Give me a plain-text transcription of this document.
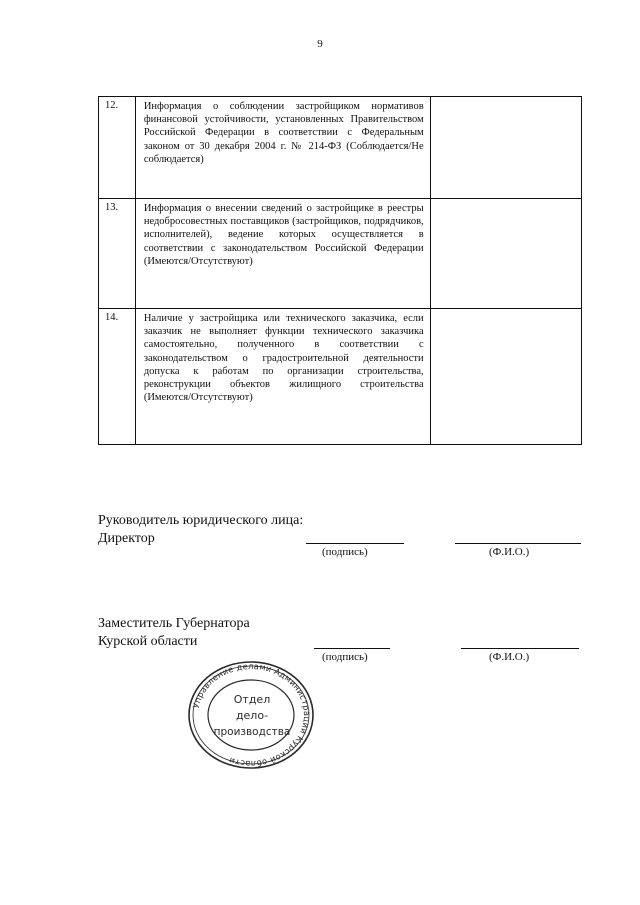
9
12.	Информация о соблюдении застройщиком нормативов финансовой устойчивости, установленных Правительством Российской Федерации в соответствии с Федеральным законом от 30 декабря 2004 г. № 214-ФЗ (Соблюдается/Не соблюдается)	
13.	Информация о внесении сведений о застройщике в реестры недобросовестных поставщиков (застройщиков, подрядчиков, исполнителей), ведение которых осуществляется в соответствии с законодательством Российской Федерации (Имеются/Отсутствуют)	
14.	Наличие у застройщика или технического заказчика, если заказчик не выполняет функции технического заказчика самостоятельно, полученного в соответствии с законодательством о градостроительной деятельности допуска к работам по организации строительства, реконструкции объектов жилищного строительства (Имеются/Отсутствуют)	
Руководитель юридического лица:
Директор
(подпись)	(Ф.И.О.)
Заместитель Губернатора
Курской области
(подпись)	(Ф.И.О.)
Управление делами Администрации Курской области
Отдел
дело-
производства
